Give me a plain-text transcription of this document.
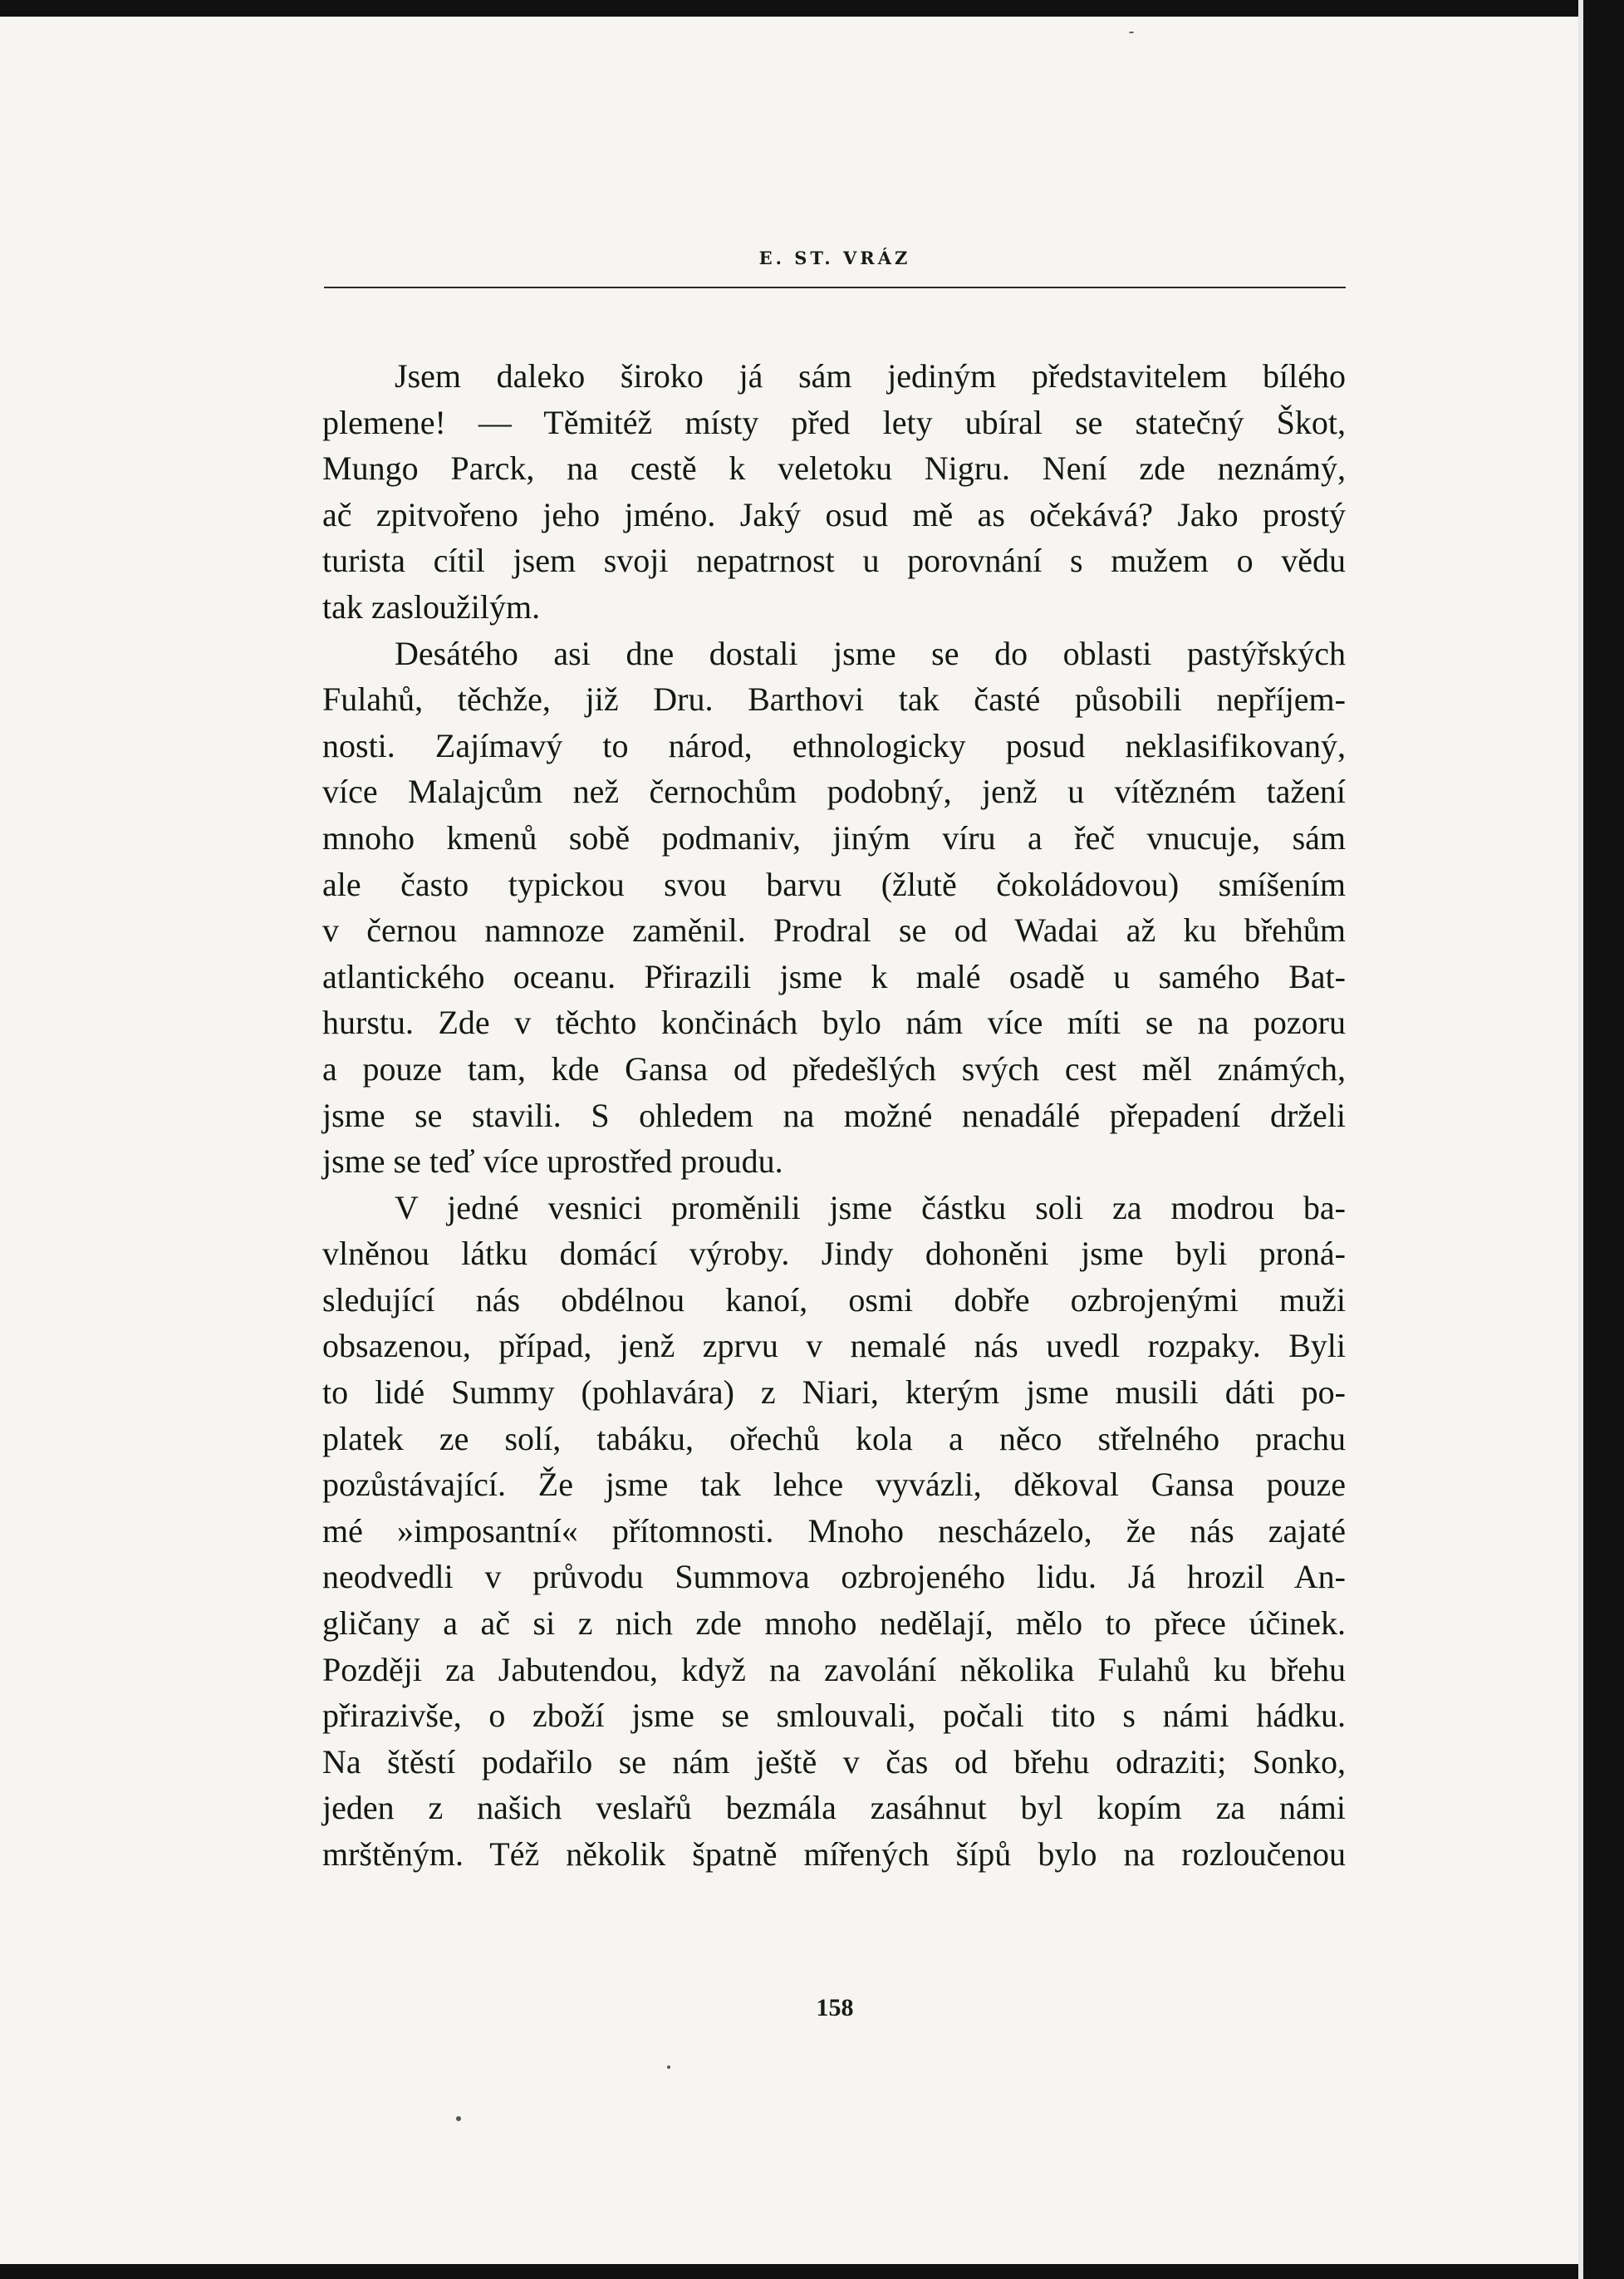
E. ST. VRÁZ
Jsem daleko široko já sám jediným představitelem bílého
plemene! — Těmitéž místy před lety ubíral se statečný Škot,
Mungo Parck, na cestě k veletoku Nigru. Není zde neznámý,
ač zpitvořeno jeho jméno. Jaký osud mě as očekává? Jako prostý
turista cítil jsem svoji nepatrnost u porovnání s mužem o vědu
tak zasloužilým.
Desátého asi dne dostali jsme se do oblasti pastýřských
Fulahů, těchže, již Dru. Barthovi tak časté působili nepříjem-
nosti. Zajímavý to národ, ethnologicky posud neklasifikovaný,
více Malajcům než černochům podobný, jenž u vítězném tažení
mnoho kmenů sobě podmaniv, jiným víru a řeč vnucuje, sám
ale často typickou svou barvu (žlutě čokoládovou) smíšením
v černou namnoze zaměnil. Prodral se od Wadai až ku břehům
atlantického oceanu. Přirazili jsme k malé osadě u samého Bat-
hurstu. Zde v těchto končinách bylo nám více míti se na pozoru
a pouze tam, kde Gansa od předešlých svých cest měl známých,
jsme se stavili. S ohledem na možné nenadálé přepadení drželi
jsme se teď více uprostřed proudu.
V jedné vesnici proměnili jsme částku soli za modrou ba-
vlněnou látku domácí výroby. Jindy dohoněni jsme byli proná-
sledující nás obdélnou kanoí, osmi dobře ozbrojenými muži
obsazenou, případ, jenž zprvu v nemalé nás uvedl rozpaky. Byli
to lidé Summy (pohlavára) z Niari, kterým jsme musili dáti po-
platek ze solí, tabáku, ořechů kola a něco střelného prachu
pozůstávající. Že jsme tak lehce vyvázli, děkoval Gansa pouze
mé »imposantní« přítomnosti. Mnoho nescházelo, že nás zajaté
neodvedli v průvodu Summova ozbrojeného lidu. Já hrozil An-
gličany a ač si z nich zde mnoho nedělají, mělo to přece účinek.
Později za Jabutendou, když na zavolání několika Fulahů ku břehu
přirazivše, o zboží jsme se smlouvali, počali tito s námi hádku.
Na štěstí podařilo se nám ještě v čas od břehu odraziti; Sonko,
jeden z našich veslařů bezmála zasáhnut byl kopím za námi
mrštěným. Též několik špatně mířených šípů bylo na rozloučenou
158
